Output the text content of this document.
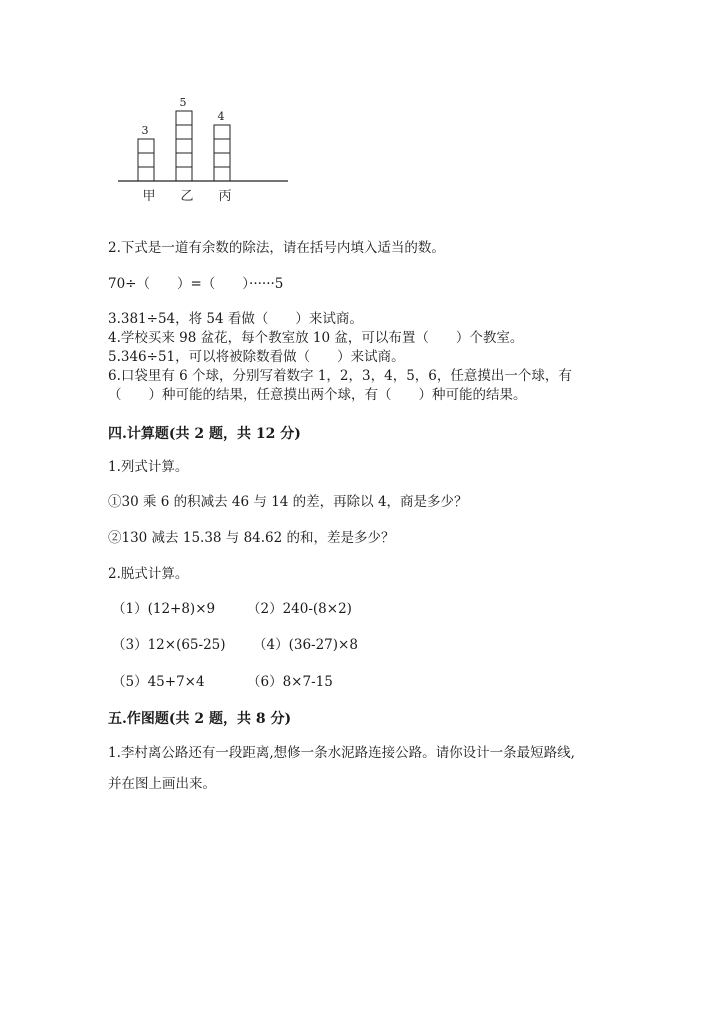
3
甲
5
乙
4
丙
2.下式是一道有余数的除法，请在括号内填入适当的数。
70÷（　　）=（　　）······5
3.381÷54，将 54 看做（　　）来试商。
4.学校买来 98 盆花，每个教室放 10 盆，可以布置（　　）个教室。
5.346÷51，可以将被除数看做（　　）来试商。
6.口袋里有 6 个球，分别写着数字 1，2，3，4，5，6，任意摸出一个球，有
（　　）种可能的结果，任意摸出两个球，有（　　）种可能的结果。
四.计算题(共 2 题，共 12 分)
1.列式计算。
①30 乘 6 的积减去 46 与 14 的差，再除以 4，商是多少？
②130 减去 15.38 与 84.62 的和，差是多少？
2.脱式计算。
（1）(12+8)×9 （2）240-(8×2)
（3）12×(65-25) （4）(36-27)×8
（5）45+7×4	（6）8×7-15
五.作图题(共 2 题，共 8 分)
1.李村离公路还有一段距离,想修一条水泥路连接公路。请你设计一条最短路线,
并在图上画出来。
